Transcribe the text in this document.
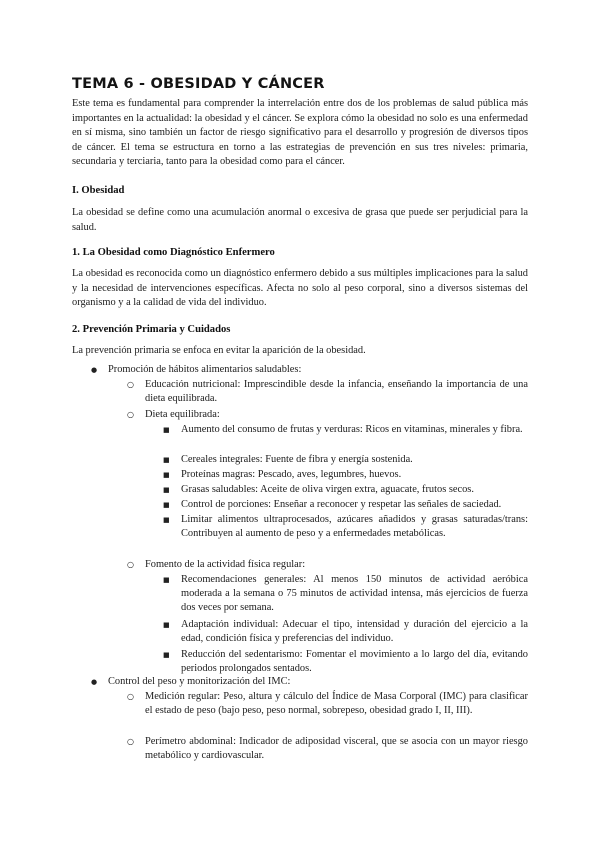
TEMA 6 - OBESIDAD Y CÁNCER
Este tema es fundamental para comprender la interrelación entre dos de los problemas de salud pública más importantes en la actualidad: la obesidad y el cáncer. Se explora cómo la obesidad no solo es una enfermedad en sí misma, sino también un factor de riesgo significativo para el desarrollo y progresión de diversos tipos de cáncer. El tema se estructura en torno a las estrategias de prevención en sus tres niveles: primaria, secundaria y terciaria, tanto para la obesidad como para el cáncer.
I. Obesidad
La obesidad se define como una acumulación anormal o excesiva de grasa que puede ser perjudicial para la salud.
1. La Obesidad como Diagnóstico Enfermero
La obesidad es reconocida como un diagnóstico enfermero debido a sus múltiples implicaciones para la salud y la necesidad de intervenciones específicas. Afecta no solo al peso corporal, sino a diversos sistemas del organismo y a la calidad de vida del individuo.
2. Prevención Primaria y Cuidados
La prevención primaria se enfoca en evitar la aparición de la obesidad.
● Promoción de hábitos alimentarios saludables:
○ Educación nutricional: Imprescindible desde la infancia, enseñando la importancia de una dieta equilibrada.
○ Dieta equilibrada:
■ Aumento del consumo de frutas y verduras: Ricos en vitaminas, minerales y fibra.
■ Cereales integrales: Fuente de fibra y energía sostenida.
■ Proteínas magras: Pescado, aves, legumbres, huevos.
■ Grasas saludables: Aceite de oliva virgen extra, aguacate, frutos secos.
■ Control de porciones: Enseñar a reconocer y respetar las señales de saciedad.
■ Limitar alimentos ultraprocesados, azúcares añadidos y grasas saturadas/trans: Contribuyen al aumento de peso y a enfermedades metabólicas.
○ Fomento de la actividad física regular:
■ Recomendaciones generales: Al menos 150 minutos de actividad aeróbica moderada a la semana o 75 minutos de actividad intensa, más ejercicios de fuerza dos veces por semana.
■ Adaptación individual: Adecuar el tipo, intensidad y duración del ejercicio a la edad, condición física y preferencias del individuo.
■ Reducción del sedentarismo: Fomentar el movimiento a lo largo del día, evitando periodos prolongados sentados.
● Control del peso y monitorización del IMC:
○ Medición regular: Peso, altura y cálculo del Índice de Masa Corporal (IMC) para clasificar el estado de peso (bajo peso, peso normal, sobrepeso, obesidad grado I, II, III).
○ Perímetro abdominal: Indicador de adiposidad visceral, que se asocia con un mayor riesgo metabólico y cardiovascular.
